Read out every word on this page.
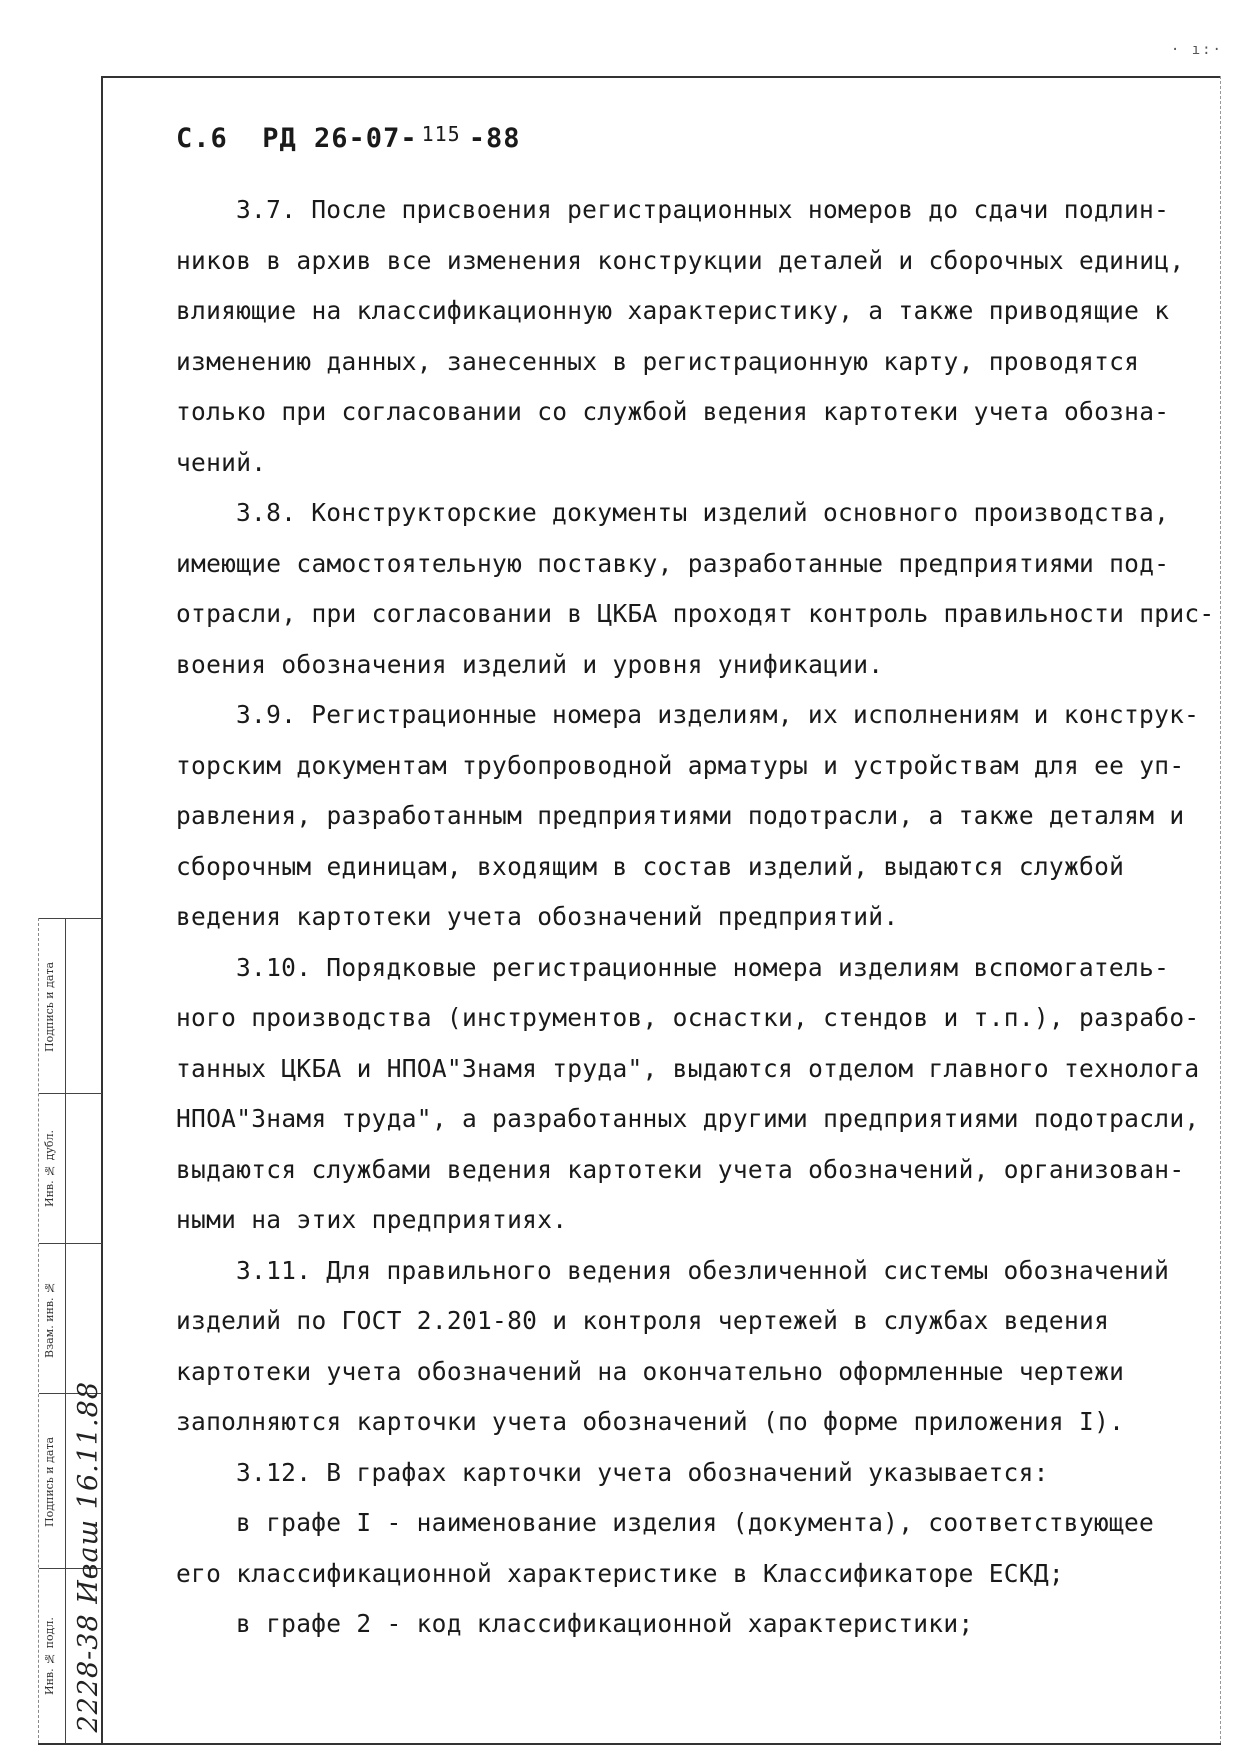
· ı:·
С.6  РД 26-07- $^{115}$ -88
3.7. После присвоения регистрационных номеров до сдачи подлин-
ников в архив все изменения конструкции деталей и сборочных единиц,
влияющие на классификационную характеристику, а также приводящие к
изменению данных, занесенных в регистрационную карту, проводятся
только при согласовании со службой ведения картотеки учета обозна-
чений.
3.8. Конструкторские документы изделий основного производства,
имеющие самостоятельную поставку, разработанные предприятиями под-
отрасли, при согласовании в ЦКБА проходят контроль правильности прис-
воения обозначения изделий и уровня унификации.
3.9. Регистрационные номера изделиям, их исполнениям и конструк-
торским документам трубопроводной арматуры и устройствам для ее уп-
равления, разработанным предприятиями подотрасли, а также деталям и
сборочным единицам, входящим в состав изделий, выдаются службой
ведения картотеки учета обозначений предприятий.
3.10. Порядковые регистрационные номера изделиям вспомогатель-
ного производства (инструментов, оснастки, стендов и т.п.), разрабо-
танных ЦКБА и НПОА"Знамя труда", выдаются отделом главного технолога
НПОА"Знамя труда", а разработанных другими предприятиями подотрасли,
выдаются службами ведения картотеки учета обозначений, организован-
ными на этих предприятиях.
3.11. Для правильного ведения обезличенной системы обозначений
изделий по ГОСТ 2.201-80 и контроля чертежей в службах ведения
картотеки учета обозначений на окончательно оформленные чертежи
заполняются карточки учета обозначений (по форме приложения I).
3.12. В графах карточки учета обозначений указывается:
в графе I - наименование изделия (документа), соответствующее
его классификационной характеристике в Классификаторе ЕСКД;
в графе 2 - код классификационной характеристики;
Подпись и дата
Инв. № дубл.
Взам. инв. №
Подпись и дата
Инв. № подл. 2228-38 Иваш 16.11.88
